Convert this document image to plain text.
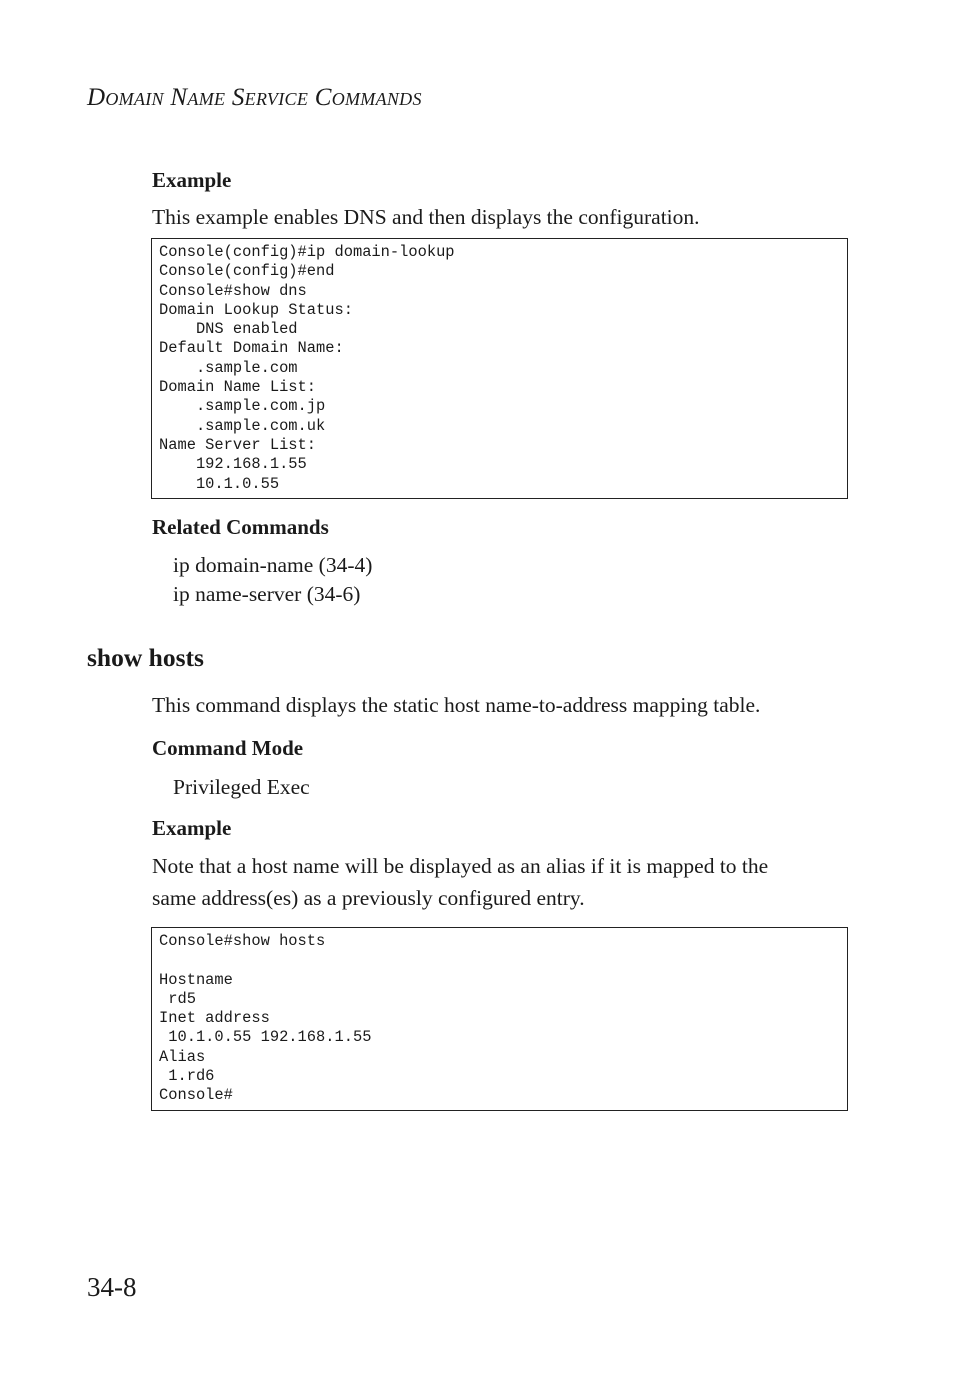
DOMAIN NAME SERVICE COMMANDS
Example
This example enables DNS and then displays the configuration.
Console(config)#ip domain-lookup
Console(config)#end
Console#show dns
Domain Lookup Status:
DNS enabled
Default Domain Name:
.sample.com
Domain Name List:
.sample.com.jp
.sample.com.uk
Name Server List:
192.168.1.55
10.1.0.55
Related Commands
ip domain-name (34-4)
ip name-server (34-6)
show hosts
This command displays the static host name-to-address mapping table.
Command Mode
Privileged Exec
Example
Note that a host name will be displayed as an alias if it is mapped to the
same address(es) as a previously configured entry.
Console#show hosts

Hostname
rd5
Inet address
10.1.0.55 192.168.1.55
Alias
1.rd6
Console#
34-8
